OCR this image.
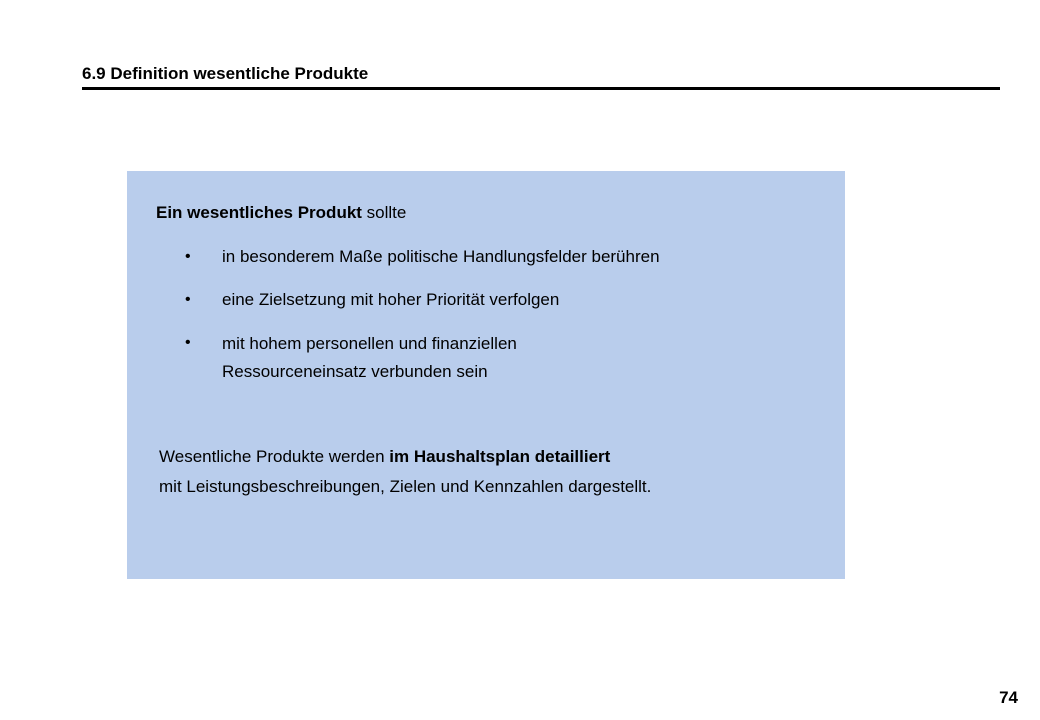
6.9 Definition wesentliche Produkte
Ein wesentliches Produkt sollte
• in besonderem Maße politische Handlungsfelder berühren
• eine Zielsetzung mit hoher Priorität verfolgen
• mit hohem personellen und finanziellen
Ressourceneinsatz verbunden sein
Wesentliche Produkte werden im Haushaltsplan detailliert
mit Leistungsbeschreibungen, Zielen und Kennzahlen dargestellt.
74
